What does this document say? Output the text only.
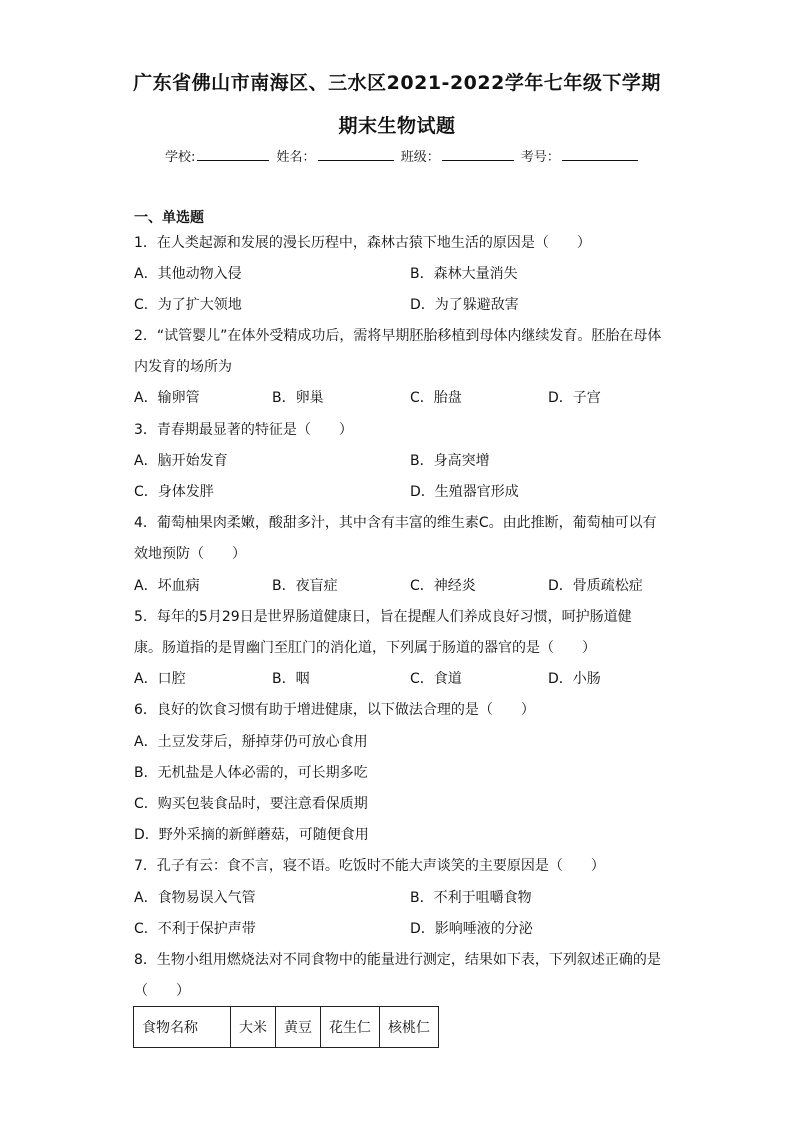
广东省佛山市南海区、三水区2021-2022学年七年级下学期
期末生物试题
学校:	姓名：	班级：	考号：
一、单选题
1．在人类起源和发展的漫长历程中，森林古猿下地生活的原因是（　　）
A．其他动物入侵	B．森林大量消失
C．为了扩大领地	D．为了躲避敌害
2．“试管婴儿”在体外受精成功后，需将早期胚胎移植到母体内继续发育。胚胎在母体
内发育的场所为
A．输卵管	B．卵巢	C．胎盘	D．子宫
3．青春期最显著的特征是（　　）
A．脑开始发育	B．身高突增
C．身体发胖	D．生殖器官形成
4．葡萄柚果肉柔嫩，酸甜多汁，其中含有丰富的维生素C。由此推断，葡萄柚可以有
效地预防（　　）
A．坏血病	B．夜盲症	C．神经炎	D．骨质疏松症
5．每年的5月29日是世界肠道健康日，旨在提醒人们养成良好习惯，呵护肠道健
康。肠道指的是胃幽门至肛门的消化道，下列属于肠道的器官的是（　　）
A．口腔	B．咽	C．食道	D．小肠
6．良好的饮食习惯有助于增进健康，以下做法合理的是（　　）
A．土豆发芽后，掰掉芽仍可放心食用
B．无机盐是人体必需的，可长期多吃
C．购买包装食品时，要注意看保质期
D．野外采摘的新鲜蘑菇，可随便食用
7．孔子有云：食不言，寝不语。吃饭时不能大声谈笑的主要原因是（　　）
A．食物易误入气管	B．不利于咀嚼食物
C．不利于保护声带	D．影响唾液的分泌
8．生物小组用燃烧法对不同食物中的能量进行测定，结果如下表，下列叙述正确的是
（　　）
食物名称	大米	黄豆	花生仁	核桃仁
